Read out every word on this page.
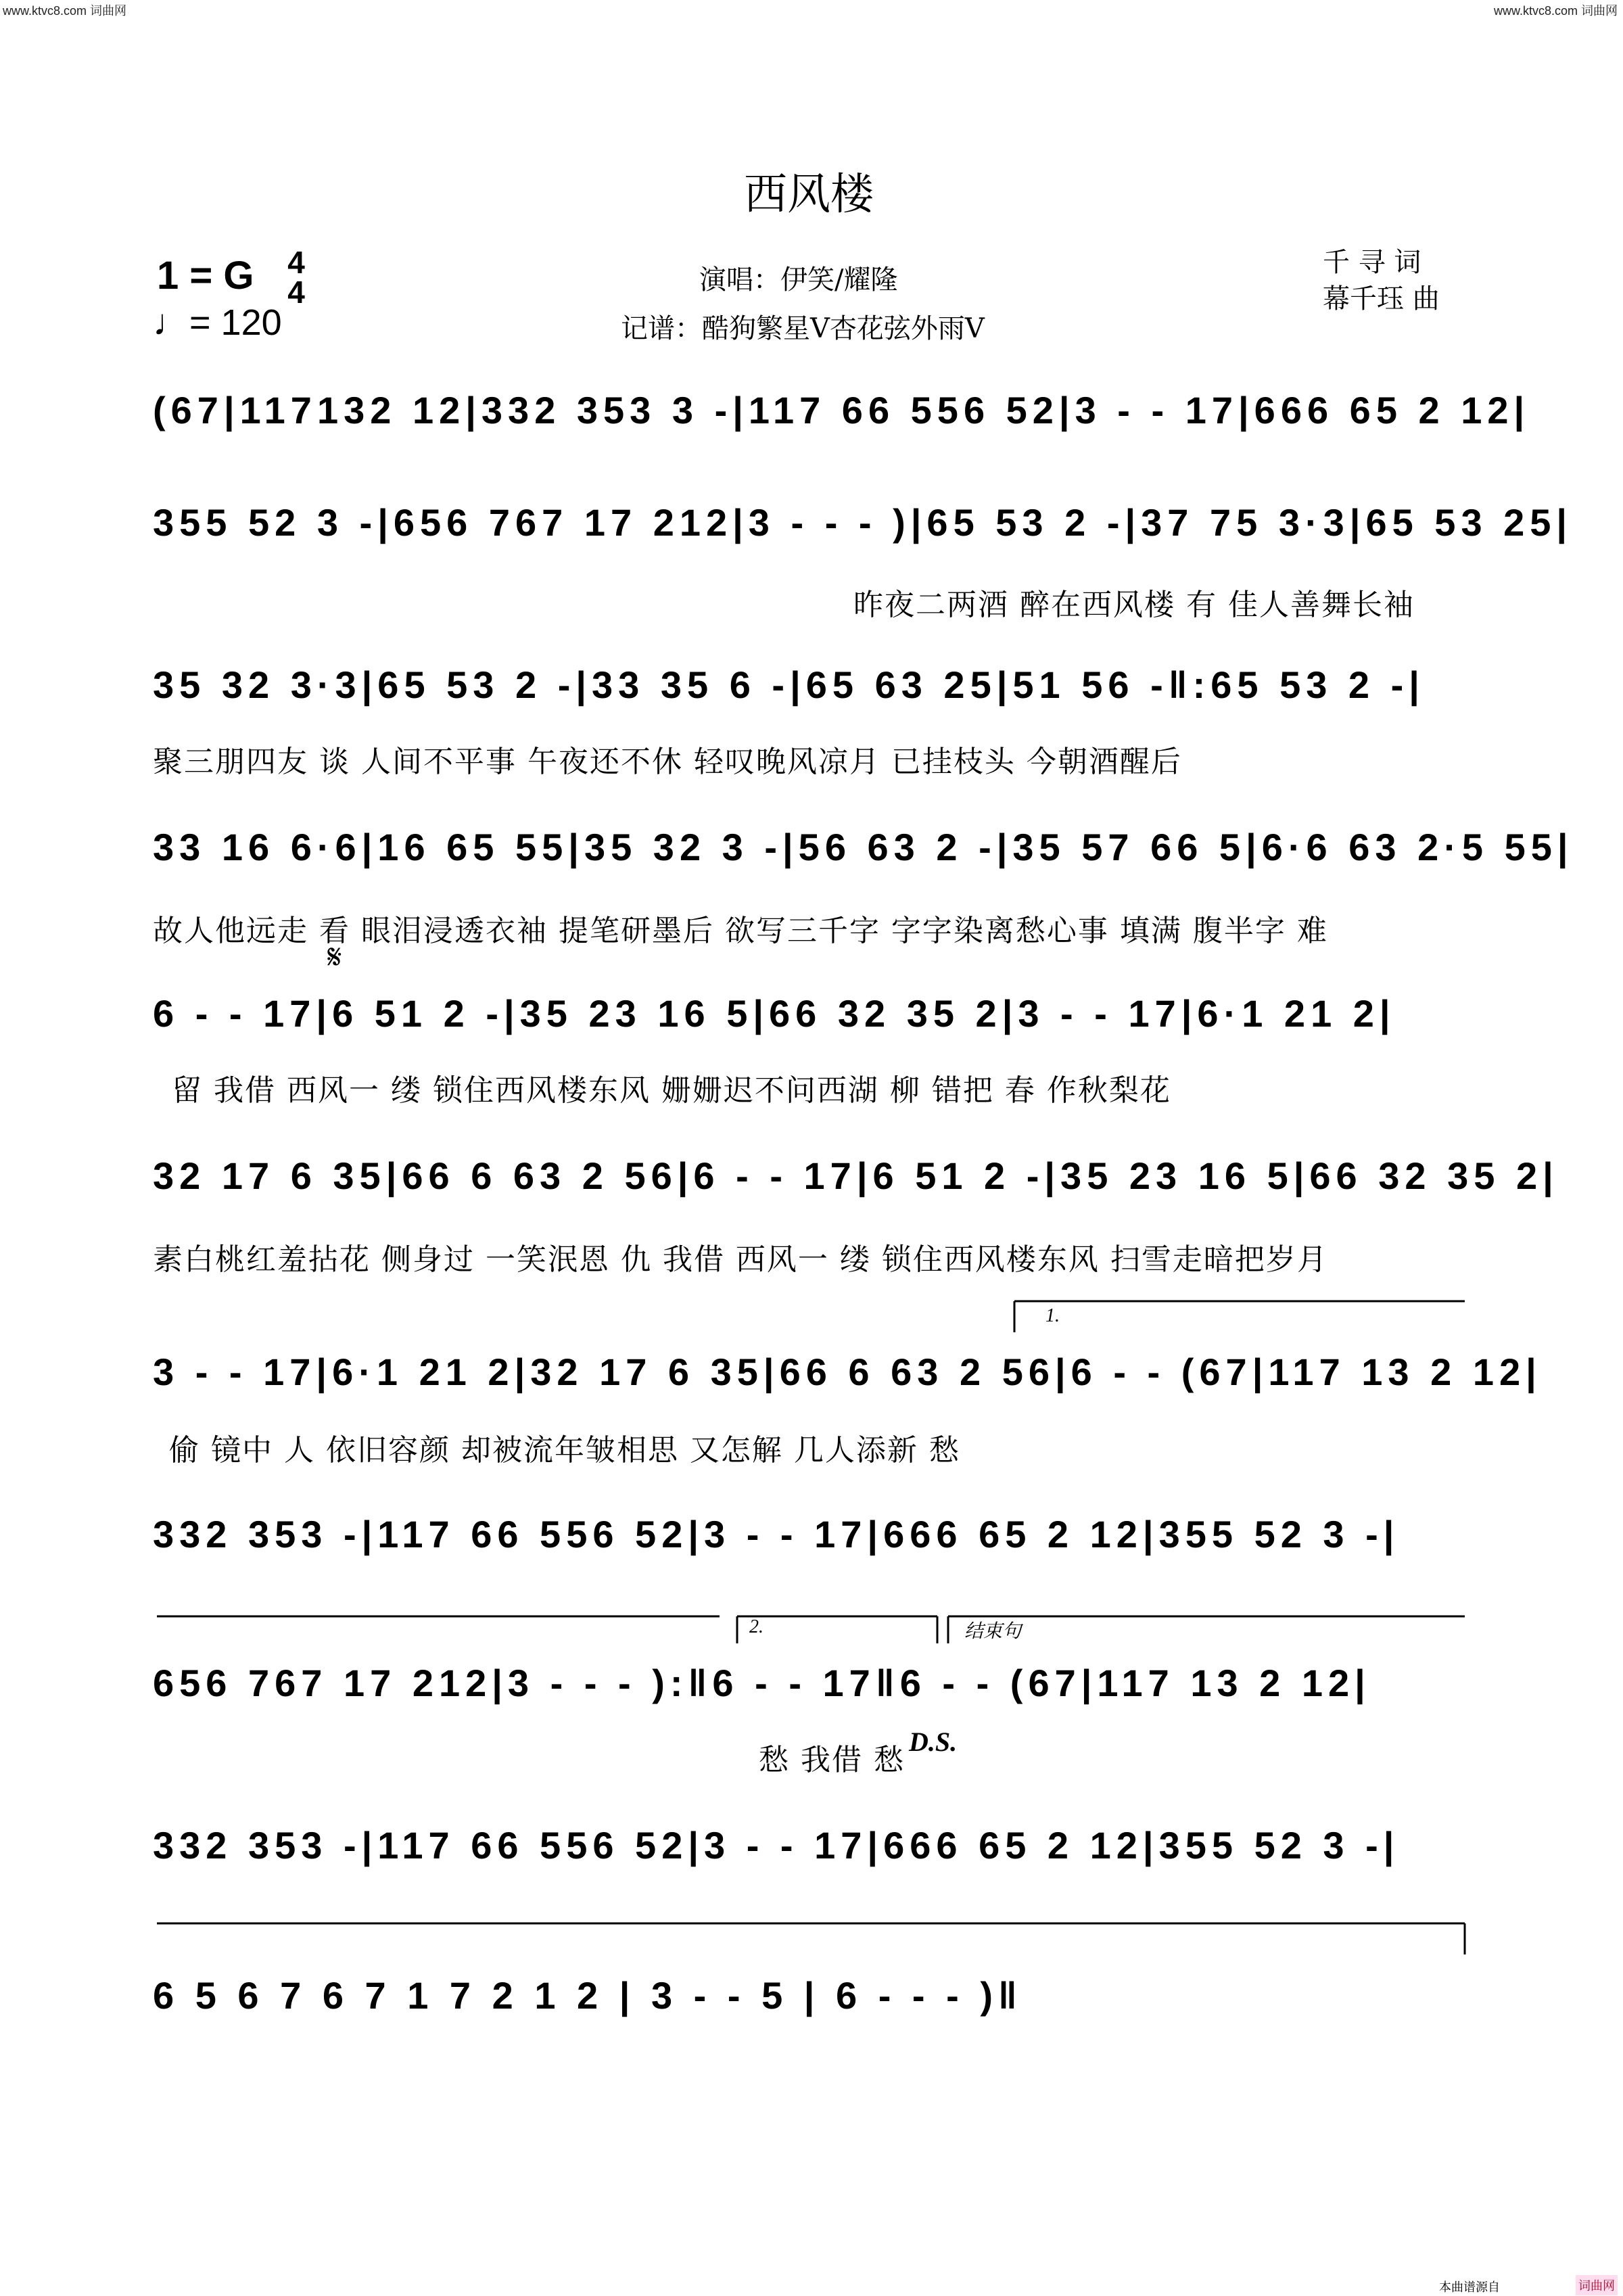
www.ktvc8.com 词曲网	www.ktvc8.com 词曲网
西风楼
1 = G 4
4
♩= 120
演唱：伊笑/耀隆
记谱：酷狗繁星V杏花弦外雨V
千 寻 词
幕千珏 曲
(67|117132 12|332 353 3 -|117 66 556 52|3 - - 17|666 65 2 12|
355 52 3 -|656 767 17 212|3 - - - )|65 53 2 -|37 75 3·3|65 53 25|
昨夜二两酒 醉在西风楼 有 佳人善舞长袖
35 32 3·3|65 53 2 -|33 35 6 -|65 63 25|51 56 -‖:65 53 2 -|
聚三朋四友 谈 人间不平事 午夜还不休 轻叹晚风凉月 已挂枝头 今朝酒醒后
33 16 6·6|16 65 55|35 32 3 -|56 63 2 -|35 57 66 5|6·6 63 2·5 55|
故人他远走 看 眼泪浸透衣袖 提笔研墨后 欲写三千字 字字染离愁心事 填满 腹半字 难
𝄋
6 - - 17|6 51 2 -|35 23 16 5|66 32 35 2|3 - - 17|6·1 21 2|
留 我借 西风一 缕 锁住西风楼东风 姗姗迟不问西湖 柳 错把 春 作秋梨花
32 17 6 35|66 6 63 2 56|6 - - 17|6 51 2 -|35 23 16 5|66 32 35 2|
素白桃红羞拈花 侧身过 一笑泯恩 仇 我借 西风一 缕 锁住西风楼东风 扫雪走暗把岁月
1.
3 - - 17|6·1 21 2|32 17 6 35|66 6 63 2 56|6 - - (67|117 13 2 12|
偷 镜中 人 依旧容颜 却被流年皱相思 又怎解 几人添新 愁
332 353 -|117 66 556 52|3 - - 17|666 65 2 12|355 52 3 -|
2.	结束句
656 767 17 212|3 - - - ):‖6 - - 17‖6 - - (67|117 13 2 12|
愁 我借 愁
D.S.
332 353 -|117 66 556 52|3 - - 17|666 65 2 12|355 52 3 -|
6 5 6 7 6 7 1 7 2 1 2 | 3 - - 5 | 6 - - - )‖
本曲谱源自	词曲网
